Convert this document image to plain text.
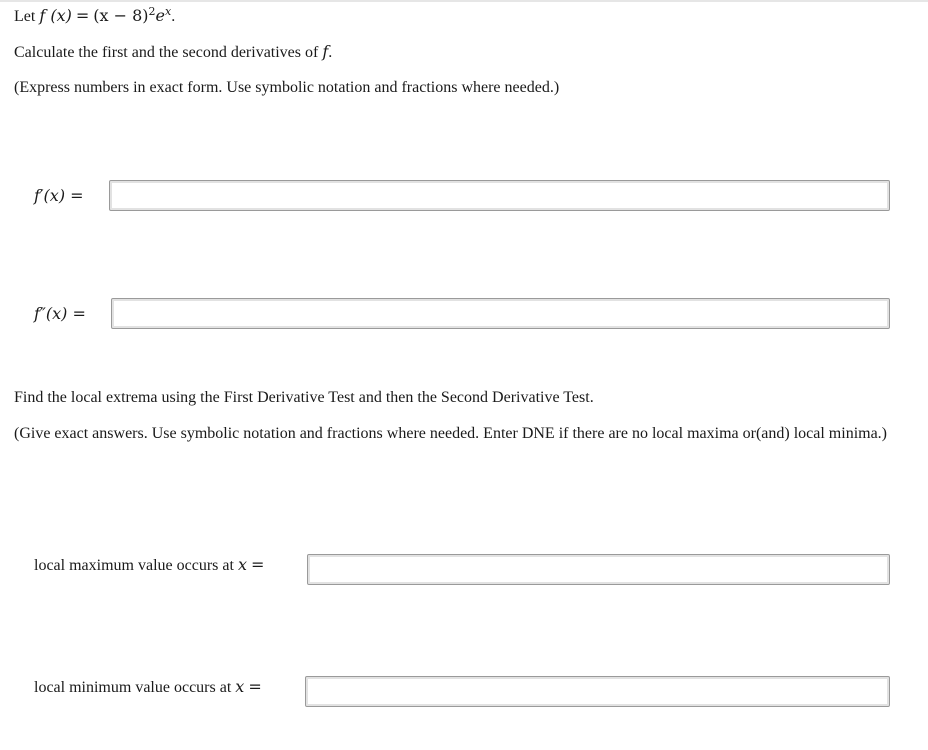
Let f $(x) = (x - 8)^2e^x$.
Calculate the first and the second derivatives of f.
(Express numbers in exact form. Use symbolic notation and fractions where needed.)
f′(x) =
f″(x) =
Find the local extrema using the First Derivative Test and then the Second Derivative Test.
(Give exact answers. Use symbolic notation and fractions where needed. Enter DNE if there are no local maxima or(and) local minima.)
local maximum value occurs at x =
local minimum value occurs at x =
